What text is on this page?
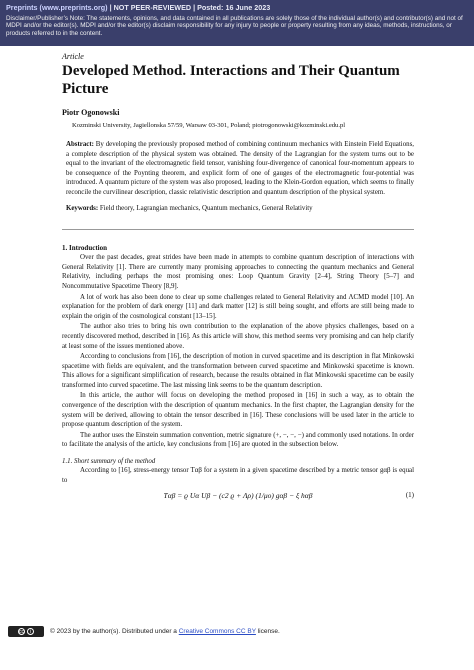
Preprints (www.preprints.org) | NOT PEER-REVIEWED | Posted: 16 June 2023
Disclaimer/Publisher’s Note: The statements, opinions, and data contained in all publications are solely those of the individual author(s) and contributor(s) and not of MDPI and/or the editor(s). MDPI and/or the editor(s) disclaim responsibility for any injury to people or property resulting from any ideas, methods, instructions, or products referred to in the content.
Article
Developed Method. Interactions and Their Quantum Picture
Piotr Ogonowski
Kozminski University, Jagiellonska 57/59, Warsaw 03-301, Poland; piotrogonowski@kozminski.edu.pl
Abstract: By developing the previously proposed method of combining continuum mechanics with Einstein Field Equations, a complete description of the physical system was obtained. The density of the Lagrangian for the system turns out to be equal to the invariant of the electromagnetic field tensor, vanishing four-divergence of canonical four-momentum appears to be consequence of the Poynting theorem, and explicit form of one of gauges of the electromagnetic four-potential was introduced. A quantum picture of the system was also proposed, leading to the Klein-Gordon equation, which seems to finally reconcile the curvilinear description, classic relativistic description and quantum description of the physical system.
Keywords: Field theory, Lagrangian mechanics, Quantum mechanics, General Relativity
1. Introduction
Over the past decades, great strides have been made in attempts to combine quantum description of interactions with General Relativity [1]. There are currently many promising approaches to connecting the quantum mechanics and General Relativity, including perhaps the most promising ones: Loop Quantum Gravity [2–4], String Theory [5–7] and Noncommutative Spacetime Theory [8,9].
A lot of work has also been done to clear up some challenges related to General Relativity and ΛCMD model [10]. An explanation for the problem of dark energy [11] and dark matter [12] is still being sought, and efforts are still being made to explain the origin of the cosmological constant [13–15].
The author also tries to bring his own contribution to the explanation of the above physics challenges, based on a recently discovered method, described in [16]. As this article will show, this method seems very promising and can help clarify at least some of the issues mentioned above.
According to conclusions from [16], the description of motion in curved spacetime and its description in flat Minkowski spacetime with fields are equivalent, and the transformation between curved spacetime and Minkowski spacetime is known. This allows for a significant simplification of research, because the results obtained in flat Minkowski spacetime can be easily transformed into curved spacetime. The last missing link seems to be the quantum description.
In this article, the author will focus on developing the method proposed in [16] in such a way, as to obtain the convergence of the description with the description of quantum mechanics. In the first chapter, the Lagrangian density for the system will be derived, allowing to obtain the tensor described in [16]. These conclusions will be used later in the article to propose quantum description of the system.
The author uses the Einstein summation convention, metric signature (+, −, −, −) and commonly used notations. In order to facilitate the analysis of the article, key conclusions from [16] are quoted in the subsection below.
1.1. Short summary of the method
According to [16], stress-energy tensor Tαβ for a system in a given spacetime described by a metric tensor gαβ is equal to
Tαβ = ϱ Uα Uβ − (c2 ϱ + Λρ) (1/μo) gαβ − ξ hαβ	(1)
cc	i	© 2023 by the author(s). Distributed under a Creative Commons CC BY license.
